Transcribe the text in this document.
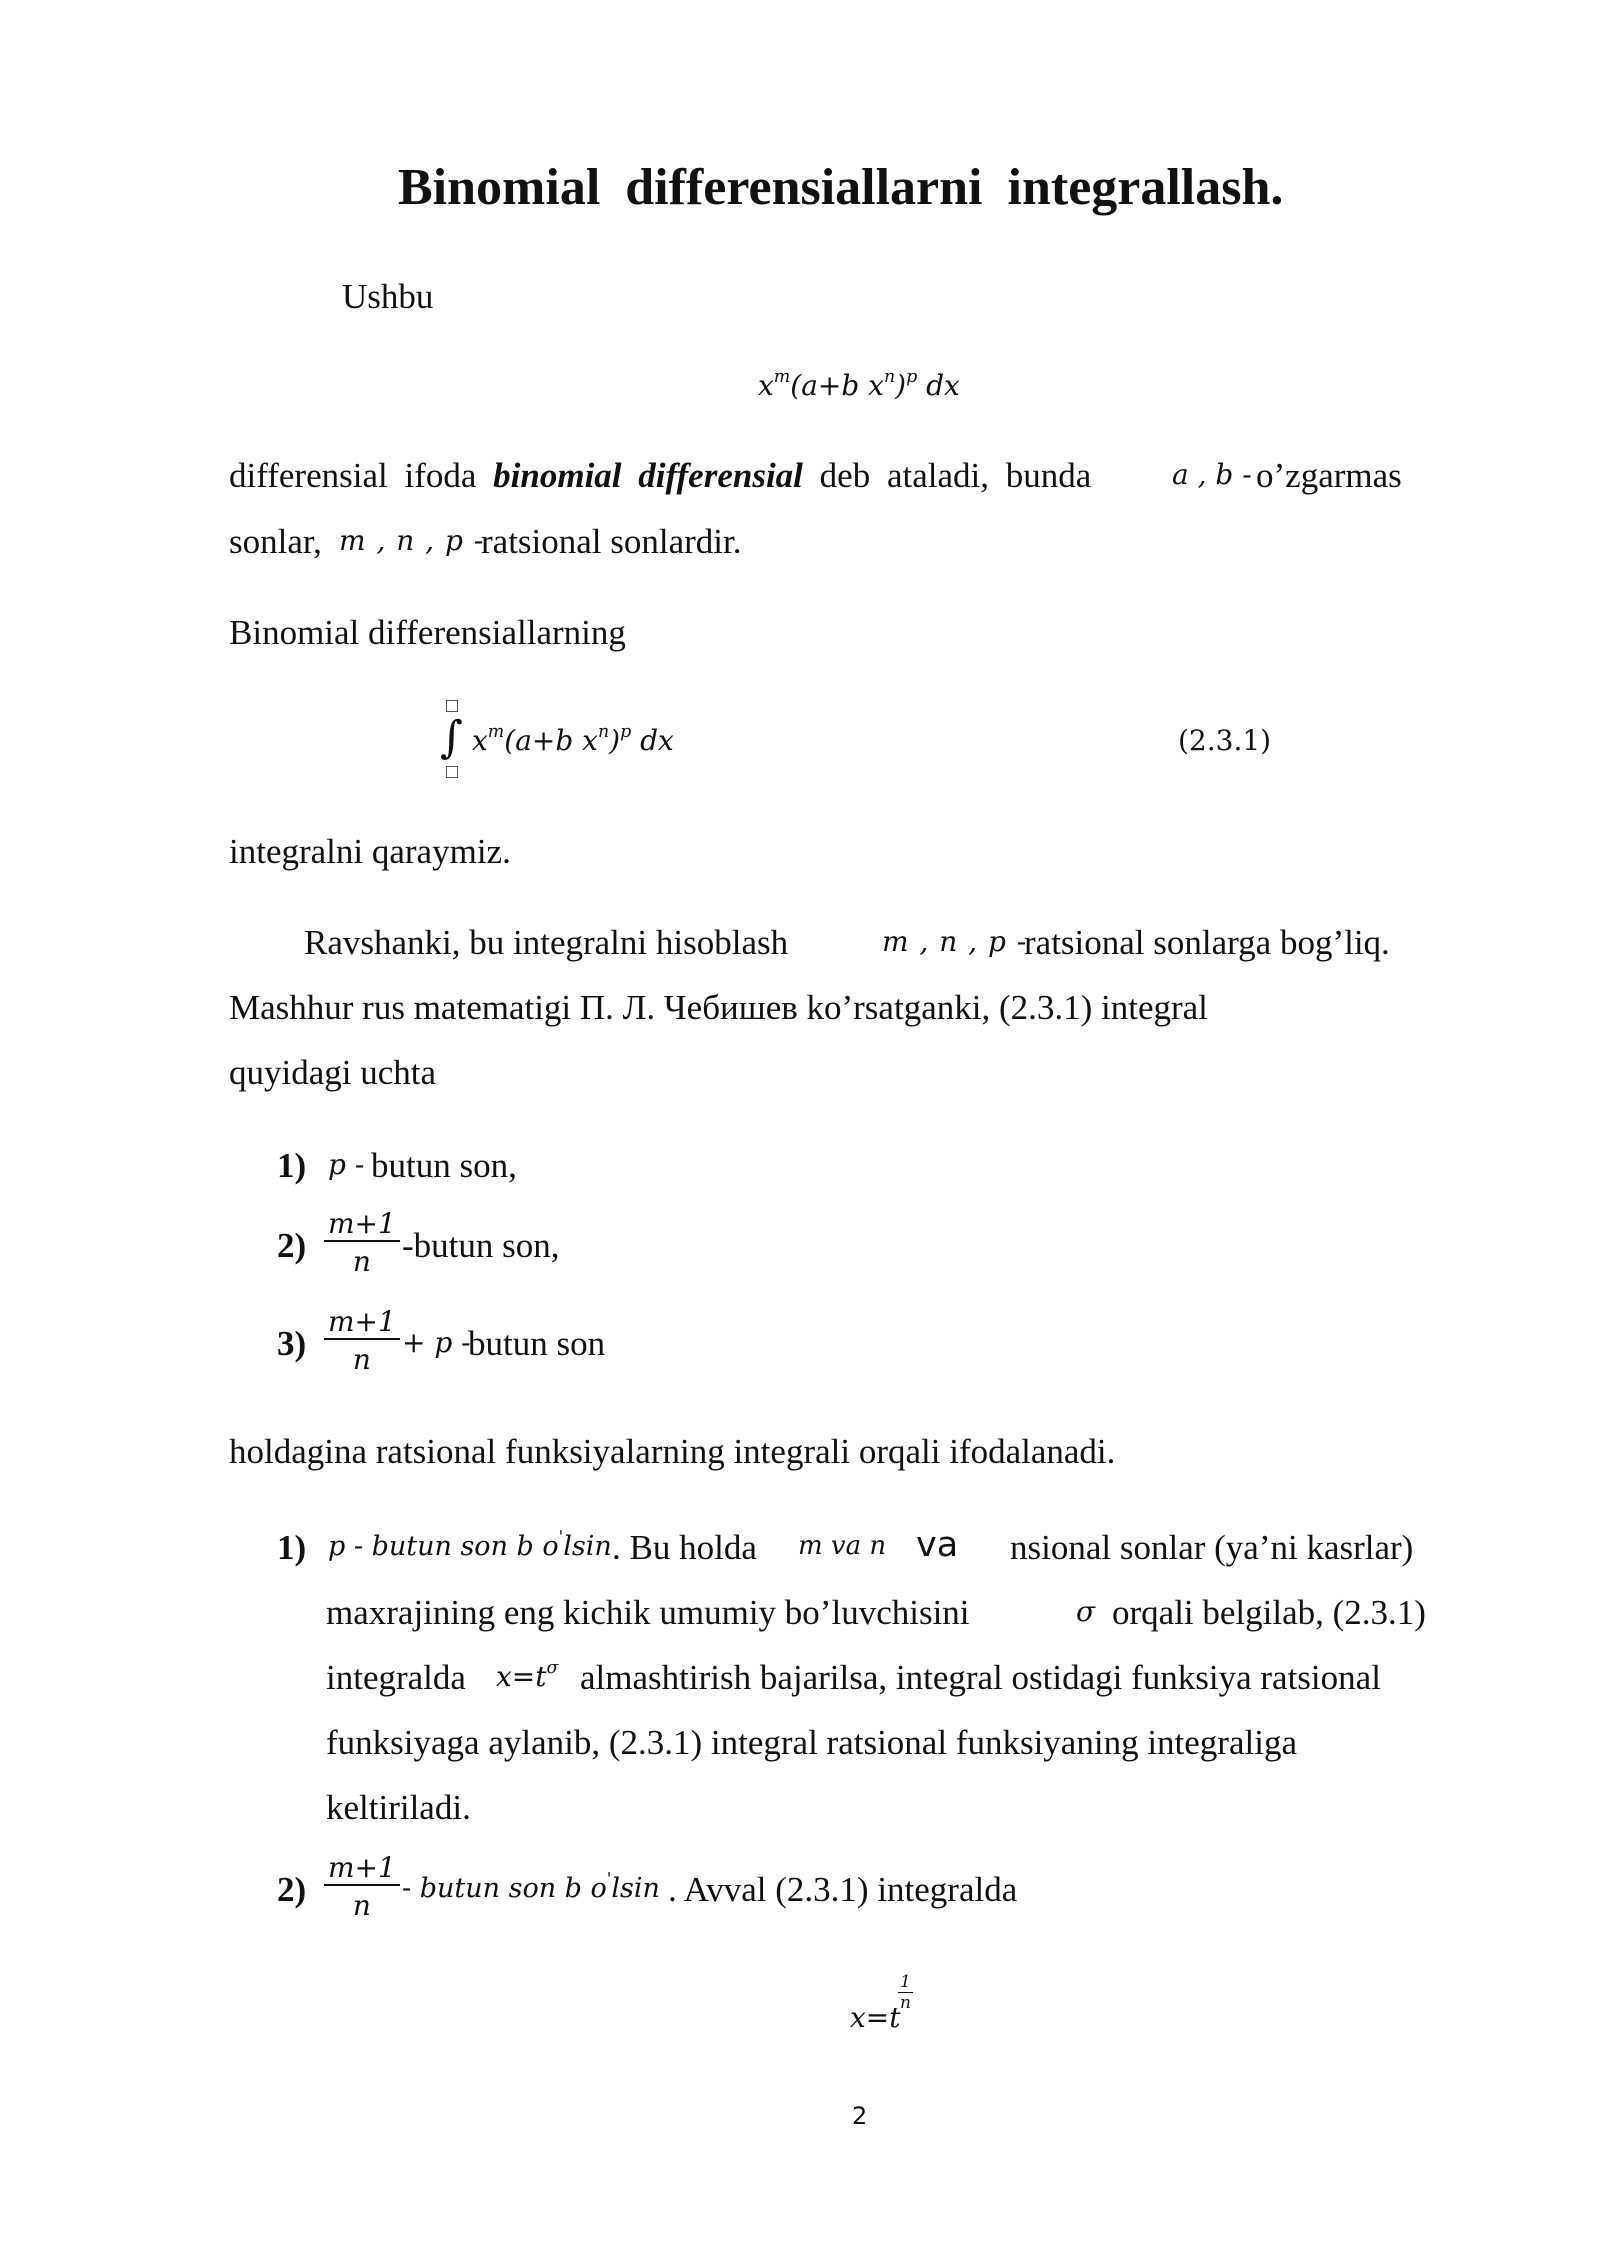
Binomial differensiallarni integrallash.
Ushbu
$x^m(a+b$ $x^n)^p$ dx
differensial ifoda binomial differensial deb ataladi, bunda	a , b - o’zgarmas
sonlar, m , n , p -
ratsional sonlardir.
Binomial differensiallarning
∫ $x^m(a+b$ $x^n)^p$ dx	(2.3.1)
integralni qaraymiz.
Ravshanki, bu integralni hisoblash	m , n , p -
ratsional sonlarga bog’liq.
Mashhur rus matematigi П. Л. Чебишев ko’rsatganki, (2.3.1) integral
quyidagi uchta
1) p - butun son,
$2) \frac{m+1}{n}$ -butun son,
$3) \frac{m+1}{n} + p$ -
butun son
holdagina ratsional funksiyalarning integrali orqali ifodalanadi.
1) p - butun son b o'lsin . Bu holda m va n va nsional sonlar (ya’ni kasrlar)
maxrajining eng kichik umumiy bo’luvchisini	σ orqali belgilab, (2.3.1)
integralda $x=t^\sigma$ almashtirish bajarilsa, integral ostidagi funksiya ratsional
funksiyaga aylanib, (2.3.1) integral ratsional funksiyaning integraliga
keltiriladi.
$2) \frac{m+1}{n}$ - butun son b o'lsin . Avval (2.3.1) integralda
x=t
$\frac{1}{n}$
2
